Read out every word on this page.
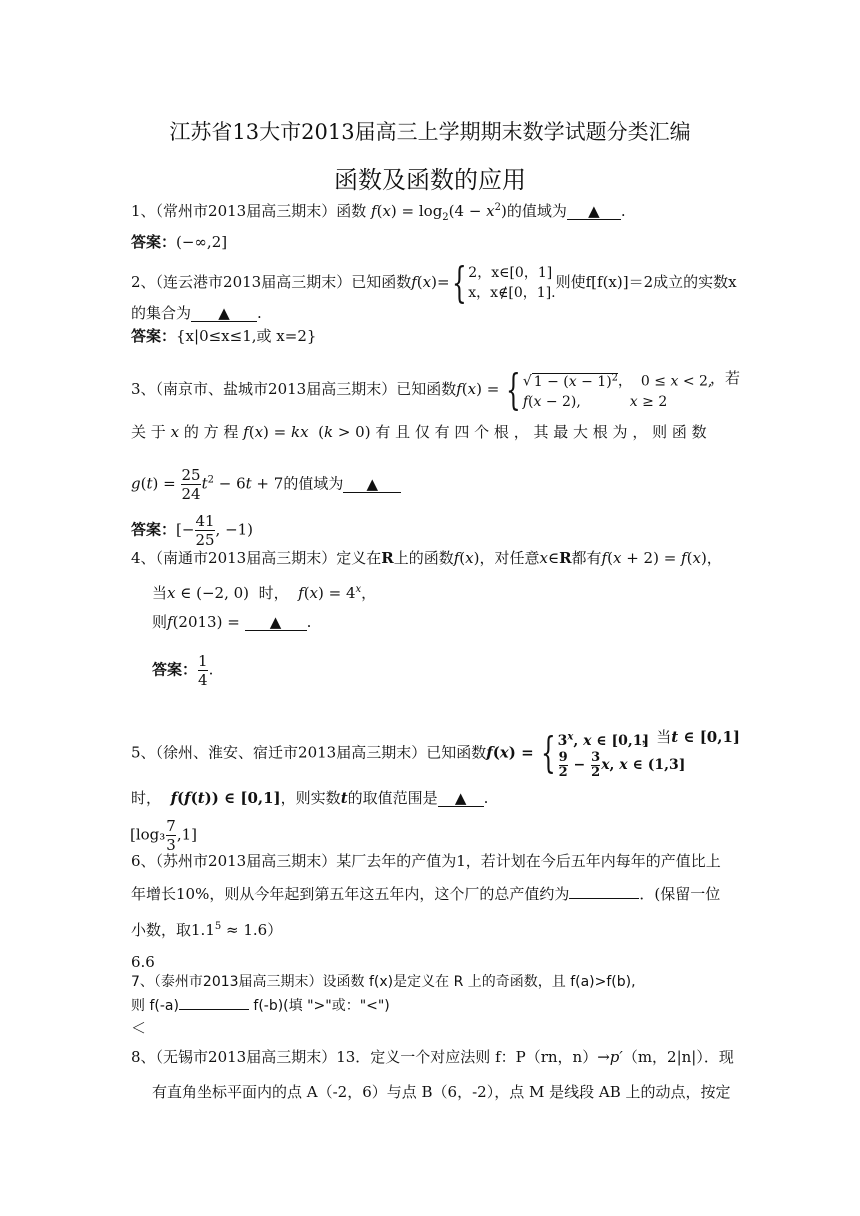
江苏省13大市2013届高三上学期期末数学试题分类汇编
函数及函数的应用
1、（常州市2013届高三期末）函数 $f(x) = \log_2(4 - x^2)$的值域为 ▲ .
答案：(−∞,2]
2、（连云港市2013届高三期末）已知函数f(x)={ 2，x∈[0，1]
x，x∉[0，1].则使f[f(x)]＝2成立的实数x
的集合为 ▲ .
答案：{x|0≤x≤1,或 x=2}
3、（南京市、盐城市2013届高三期末）已知函数f(x) = { √ $1 - (x - 1)^2$，  0 ≤ x < 2,
f(x − 2),           x ≥ 2
，若
关 于 x 的 方 程 f(x) = kx  (k > 0) 有 且 仅 有 四 个 根 ， 其 最 大 根 为 ， 则 函 数
$g(t) = \frac{25}{24} t^2 - 6t + 7$的值域为 ▲
答案：[− $\frac{41}{25}$ , −1)
4、（南通市2013届高三期末）定义在R上的函数f(x)，对任意x∈R都有f(x + 2) = f(x)，
当x ∈ (−2, 0)  时， $f(x) = 4^x$，
则f(2013) = ▲ .
答案： $\frac{1}{4}$ .
5、（徐州、淮安、宿迁市2013届高三期末）已知函数f(x) = { 3$^x$, x ∈ [0,1]

$\frac{9}{2} - \frac{3}{2} x$, x ∈ (1,3]
，当t ∈ [0,1]
时， f(f(t)) ∈ [0,1]，则实数t的取值范围是 ▲ .
$[\log_3 \frac{7}{3} ,1]$
6、（苏州市2013届高三期末）某厂去年的产值为1，若计划在今后五年内每年的产值比上
年增长10%，则从今年起到第五年这五年内，这个厂的总产值约为	．(保留一位
小数，取$1.1^5 \approx 1.6$）
6.6
7、（泰州市2013届高三期末）设函数 f(x)是定义在 R 上的奇函数，且 f(a)>f(b),
则 f(-a)	f(-b)(填 ">"或："<")
＜
8、（无锡市2013届高三期末）13．定义一个对应法则 f：P（rn，n）→p′（m，2|n|）．现
有直角坐标平面内的点 A（-2，6）与点 B（6，-2），点 M 是线段 AB 上的动点，按定
